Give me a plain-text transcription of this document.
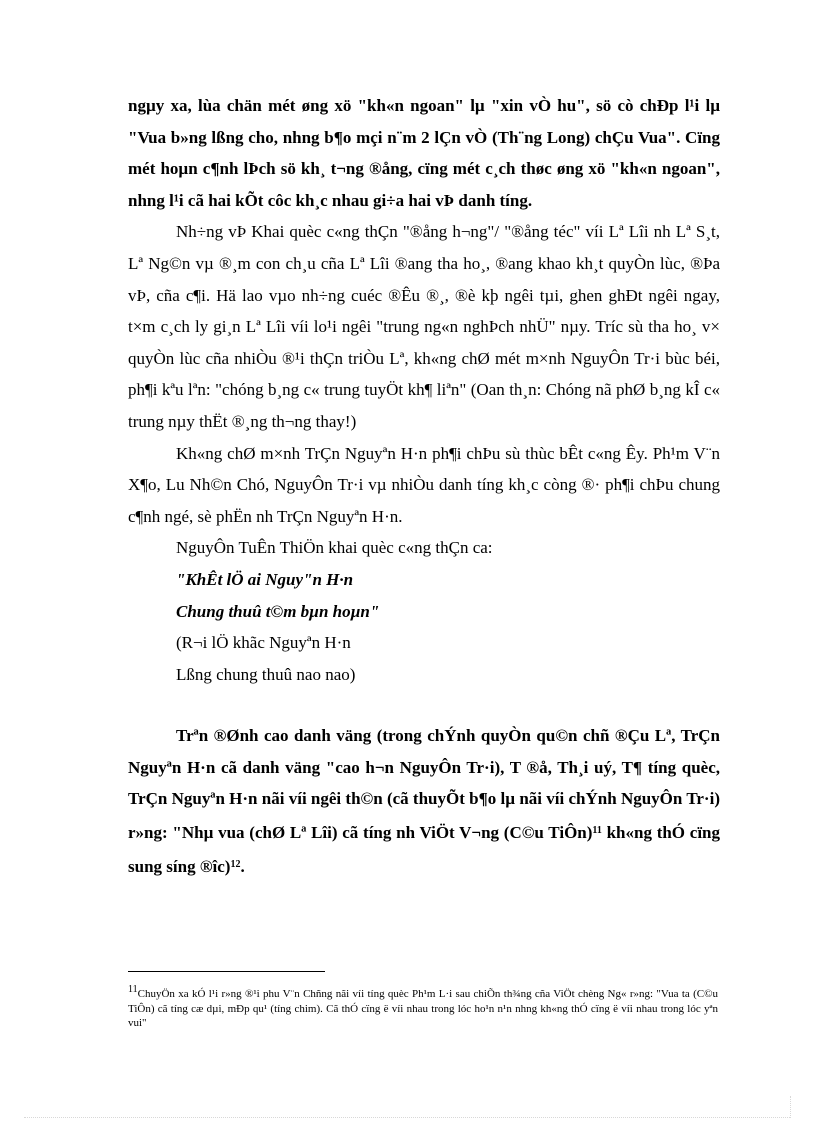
ngµy xa, lùa chän mét øng xö "kh«n ngoan" lµ "xin vÒ hu", sö cò chÐp l¹i lµ "Vua b»ng lßng cho, nhng b¶o mçi n¨m 2 lÇn vÒ (Th¨ng Long) chÇu Vua". Cïng mét hoµn c¶nh lÞch sö kh¸ t¬ng ®ång, cïng mét c¸ch thøc øng xö "kh«n ngoan", nhng l¹i cã hai kÕt côc kh¸c nhau gi÷a hai vÞ danh tíng.

Nh÷ng vÞ Khai quèc c«ng thÇn "®ång h¬ng"/ "®ång téc" víi Lª Lîi nh Lª S¸t, Lª Ng©n vµ ®¸m con ch¸u cña Lª Lîi ®ang tha ho¸, ®ang khao kh¸t quyÒn lùc, ®Þa vÞ, cña c¶i. Hä lao vµo nh÷ng cuéc ®Êu ®¸, ®è kþ ngêi tµi, ghen ghÐt ngêi ngay, t×m c¸ch ly gi¸n Lª Lîi víi lo¹i ngêi "trung ng«n nghÞch nhÜ" nµy. Tríc sù tha ho¸ v× quyÒn lùc cña nhiÒu ®¹i thÇn triÒu Lª, kh«ng chØ mét m×nh NguyÔn Tr·i bùc béi, ph¶i kªu lªn: "chóng b¸ng c« trung tuyÖt kh¶ liªn" (Oan th¸n: Chóng nã phØ b¸ng kÎ c« trung nµy thËt ®¸ng th¬ng thay!)

Kh«ng chØ m×nh TrÇn Nguyªn H·n ph¶i chÞu sù thùc bÊt c«ng Êy. Ph¹m V¨n X¶o, Lu Nh©n Chó, NguyÔn Tr·i vµ nhiÒu danh tíng kh¸c còng ®· ph¶i chÞu chung c¶nh ngé, sè phËn nh TrÇn Nguyªn H·n.

NguyÔn TuÊn ThiÖn khai quèc c«ng thÇn ca:

"KhÊt lÖ ai Nguy"n H·n

Chung thuû t©m bµn hoµn"

(R¬i lÖ khãc Nguyªn H·n

Lßng chung thuû nao nao)

Trªn ®Ønh cao danh väng (trong chÝnh quyÒn qu©n chñ ®Çu Lª, TrÇn Nguyªn H·n cã danh väng "cao h¬n NguyÔn Tr·i), T ®å, Th¸i uý, T¶ tíng quèc, TrÇn Nguyªn H·n nãi víi ngêi th©n (cã thuyÕt b¶o lµ nãi víi chÝnh NguyÔn Tr·i) r»ng: "Nhµ vua (chØ Lª Lîi) cã tíng nh ViÖt V¬ng (C©u TiÔn)$^{11}$ kh«ng thÓ cïng sung síng ®îc)$^{12}$.

11ChuyÖn xa kÓ l¹i r»ng ®¹i phu V¨n Chñng nãi víi tíng quèc Ph¹m L·i sau chiÕn th¾ng cña ViÖt chèng Ng« r»ng: "Vua ta (C©u TiÔn) cã tíng cæ dµi, mÐp qu¹ (tíng chim). Cã thÓ cïng ë víi nhau trong lóc ho¹n n¹n nhng kh«ng thÓ cïng ë víi nhau trong lóc yªn vui"
